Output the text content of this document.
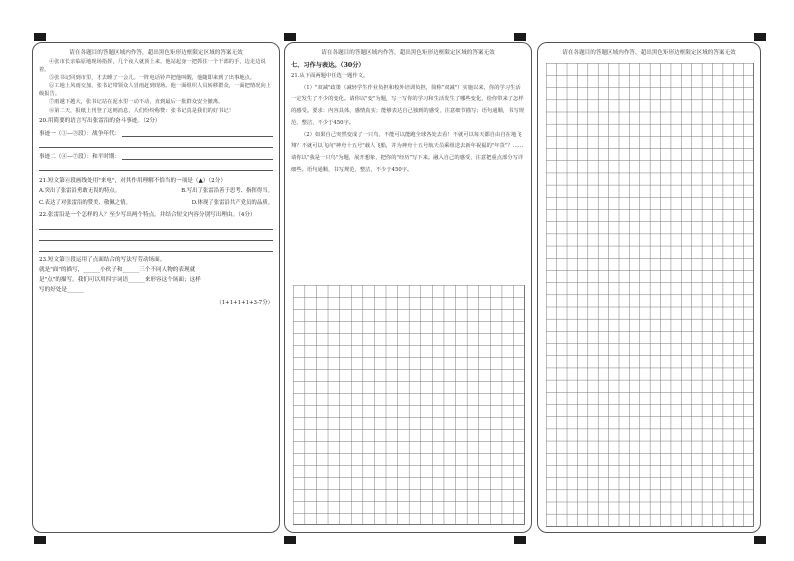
请在各题目的答题区域内作答，超出黑色矩形边框限定区域的答案无效

④张市长亲临原地现场指挥，几个夜人就顶上来。他站起身一把抓住一个干部的手，边走边说着。

⑤张书记回到市里，才去睡了一会儿。一阵电话铃声把他叫醒，他随即来到了出事地点。

⑥工地上风雨交加，张书记带领众人冒雨赶到现场。他一面组织人员转移群众，一面把情况向上级报告。

⑦雨越下越大，张书记站在泥水里一动不动，直到最后一批群众安全撤离。

⑧第二天，报纸上刊登了这则消息，人们纷纷称赞：张书记真是我们的好书记！

20.用简要的语言写出张雷沿的奋斗事迹。（2分）

事迹一（①—③段）：战争年代：
事迹二（④—⑦段）：和平时期：

21.短文第⑥段画线处用"来电"，对其作用理解不恰当的一项是（▲）（2分）

A.突出了张雷沿勇敢无畏的特点。	B.写出了张雷沿善于思考、指挥得当。
C.表达了对张雷沿的赞美、敬佩之情。	D.体现了张雷沿共产党员的品质。

22.张雷沿是一个怎样的人？至少写出两个特点，并结合短文内容分别写出理由。（4分）

23.短文第⑤段运用了点面结合的写法写劳动场面。

就是"面"的描写，______小伙子和______三个不同人物的表现就

是"点"的描写。我们可以用四字词语______来形容这个场面；这样

写的好处是______

（1+1+1+1+3-7分）
请在各题目的答题区域内作答，超出黑色矩形边框限定区域的答案无效
七、习作与表达。（30分）

21.从下面两题中任选一题作文。

（1）"双减"政策（减轻学生作业负担和校外培训负担，简称"双减"）实施以来，你的学习生活一定发生了不少的变化。请你以"变"为题，写一写你的学习和生活发生了哪些变化，给你带来了怎样的感受。要求：内容具体，感情真实；能够表达自己独到的感受，注意细节描写；语句通顺，书写规范、整洁，不少于450字。

（2）如果自己突然变成了一只鸟，不能可以能跑全球各处去看！不就可以每天都自由自在地飞翔？不就可以飞向"神舟十五号"载人飞船，并为神舟十五号航天员乘组送去新年祝福的"年货"？……请你以"我是一只鸟"为题，展开想象，把你的"经历"写下来。融入自己的感受，注意把重点部分写详细些。语句通顺，书写规范，整洁，不少于450字。

请在各题目的答题区域内作答，超出黑色矩形边框限定区域的答案无效
